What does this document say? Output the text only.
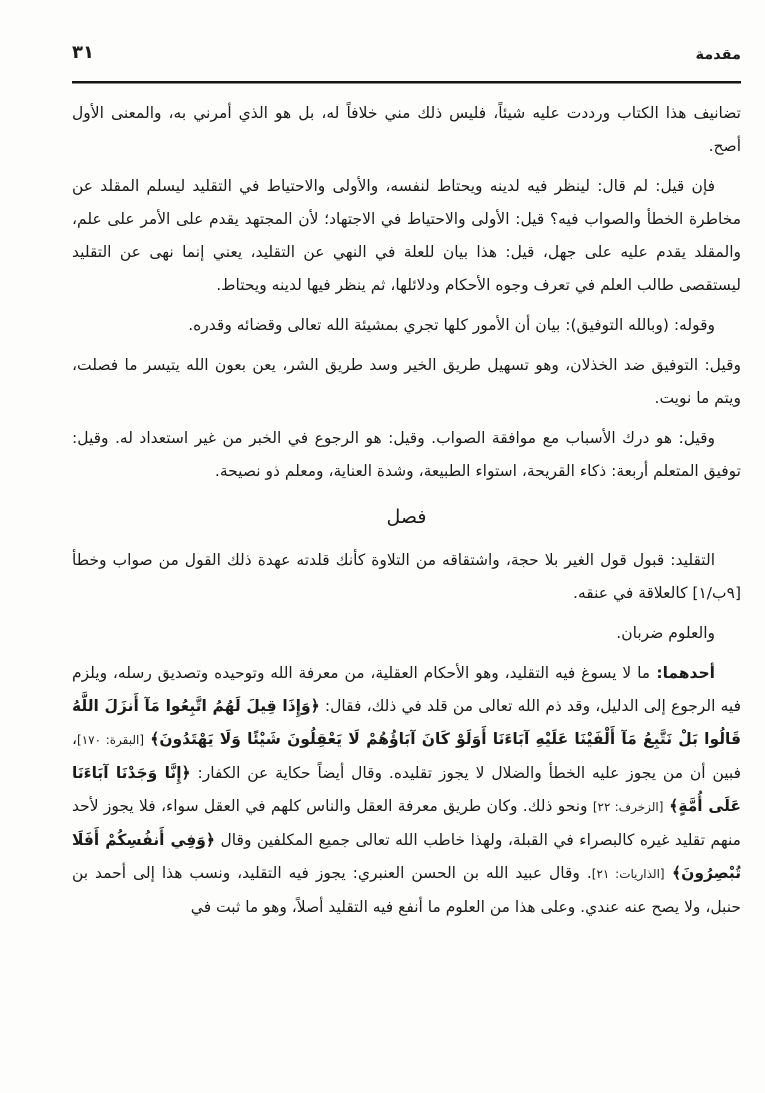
٣١	مقدمة

تضانيف هذا الكتاب ورددت عليه شيئاً، فليس ذلك مني خلافاً له، بل هو الذي أمرني به، والمعنى الأول أصح.

فإن قيل: لم قال: لينظر فيه لدينه ويحتاط لنفسه، والأولى والاحتياط في التقليد ليسلم المقلد عن مخاطرة الخطأ والصواب فيه؟ قيل: الأولى والاحتياط في الاجتهاد؛ لأن المجتهد يقدم على الأمر على علم، والمقلد يقدم عليه على جهل، قيل: هذا بيان للعلة في النهي عن التقليد، يعني إنما نهى عن التقليد ليستقصى طالب العلم في تعرف وجوه الأحكام ودلائلها، ثم ينظر فيها لدينه ويحتاط.

وقوله: (وبالله التوفيق): بيان أن الأمور كلها تجري بمشيئة الله تعالى وقضائه وقدره.

وقيل: التوفيق ضد الخذلان، وهو تسهيل طريق الخير وسد طريق الشر، يعن بعون الله يتيسر ما فصلت، ويتم ما نويت.

وقيل: هو درك الأسباب مع موافقة الصواب. وقيل: هو الرجوع في الخبر من غير استعداد له. وقيل: توفيق المتعلم أربعة: ذكاء القريحة، استواء الطبيعة، وشدة العناية، ومعلم ذو نصيحة.

فصل

التقليد: قبول قول الغير بلا حجة، واشتقاقه من التلاوة كأنك قلدته عهدة ذلك القول من صواب وخطأ [٩ب/١] كالعلاقة في عنقه.

والعلوم ضربان.

أحدهما: ما لا يسوغ فيه التقليد، وهو الأحكام العقلية، من معرفة الله وتوحيده وتصديق رسله، ويلزم فيه الرجوع إلى الدليل، وقد ذم الله تعالى من قلد في ذلك، فقال: ﴿وَإِذَا قِيلَ لَهُمُ اتَّبِعُوا مَآ أَنزَلَ اللَّهُ قَالُوا بَلْ نَتَّبِعُ مَآ أَلْفَيْنَا عَلَيْهِ آبَاءَنَا أَوَلَوْ كَانَ آبَاؤُهُمْ لَا يَعْقِلُونَ شَيْئًا وَلَا يَهْتَدُونَ﴾ [البقرة: ١٧٠]، فبين أن من يجوز عليه الخطأ والضلال لا يجوز تقليده. وقال أيضاً حكاية عن الكفار: ﴿إِنَّا وَجَدْنَا آبَاءَنَا عَلَى أُمَّةٍ﴾ [الزخرف: ٢٢] ونحو ذلك. وكان طريق معرفة العقل والناس كلهم في العقل سواء، فلا يجوز لأحد منهم تقليد غيره كالبصراء في القبلة، ولهذا خاطب الله تعالى جميع المكلفين وقال ﴿وَفِي أَنفُسِكُمْ أَفَلَا تُبْصِرُونَ﴾ [الذاريات: ٢١]. وقال عبيد الله بن الحسن العنبري: يجوز فيه التقليد، ونسب هذا إلى أحمد بن حنبل، ولا يصح عنه عندي. وعلى هذا من العلوم ما أنفع فيه التقليد أصلاً، وهو ما ثبت في
